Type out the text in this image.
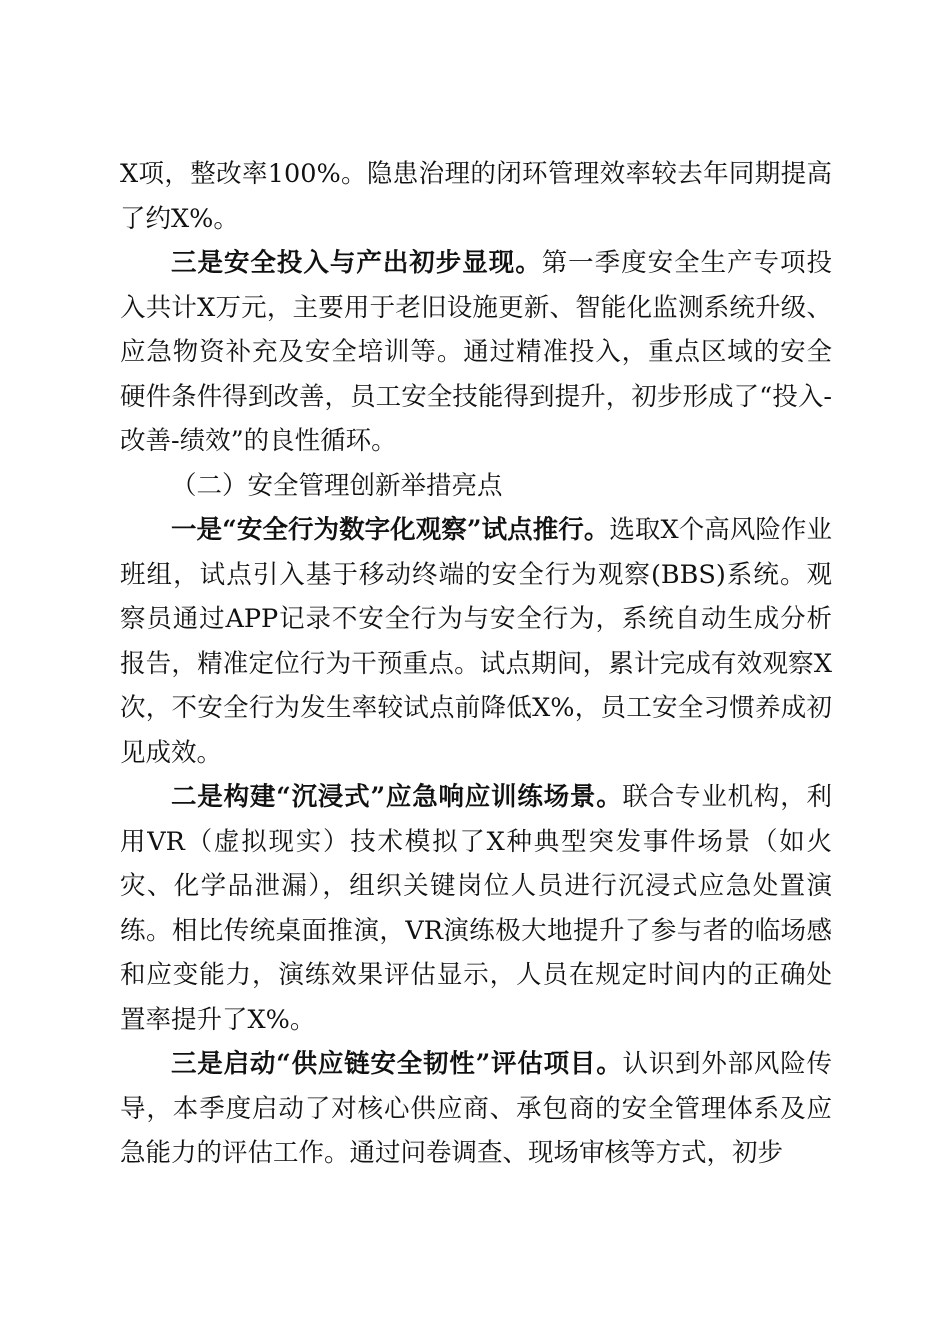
X项，整改率100%。隐患治理的闭环管理效率较去年同期提高了约X%。

三是安全投入与产出初步显现。第一季度安全生产专项投入共计X万元，主要用于老旧设施更新、智能化监测系统升级、应急物资补充及安全培训等。通过精准投入，重点区域的安全硬件条件得到改善，员工安全技能得到提升，初步形成了“投入-改善-绩效”的良性循环。

（二）安全管理创新举措亮点

一是“安全行为数字化观察”试点推行。选取X个高风险作业班组，试点引入基于移动终端的安全行为观察(BBS)系统。观察员通过APP记录不安全行为与安全行为，系统自动生成分析报告，精准定位行为干预重点。试点期间，累计完成有效观察X次，不安全行为发生率较试点前降低X%，员工安全习惯养成初见成效。

二是构建“沉浸式”应急响应训练场景。联合专业机构，利用VR（虚拟现实）技术模拟了X种典型突发事件场景（如火灾、化学品泄漏），组织关键岗位人员进行沉浸式应急处置演练。相比传统桌面推演，VR演练极大地提升了参与者的临场感和应变能力，演练效果评估显示，人员在规定时间内的正确处置率提升了X%。

三是启动“供应链安全韧性”评估项目。认识到外部风险传导，本季度启动了对核心供应商、承包商的安全管理体系及应急能力的评估工作。通过问卷调查、现场审核等方式，初步
